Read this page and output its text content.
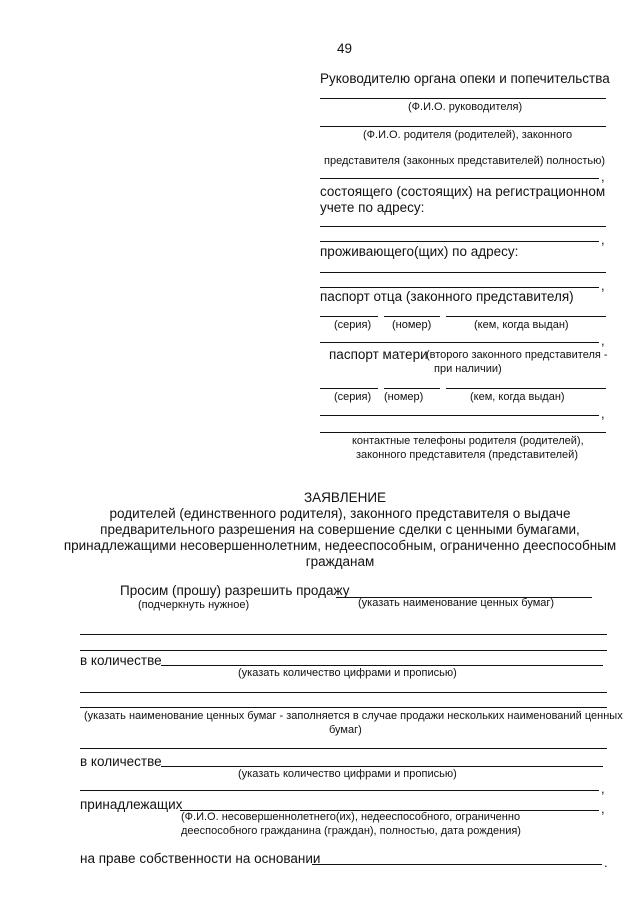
49
Руководителю органа опеки и попечительства
(Ф.И.О. руководителя)
(Ф.И.О. родителя (родителей), законного
представителя (законных представителей) полностью)
,
состоящего (состоящих) на регистрационном
учете по адресу:
,
проживающего(щих) по адресу:
,
паспорт отца (законного представителя)
(серия) (номер)	(кем, когда выдан)
,
паспорт матери
(второго законного представителя -
при наличии)
(серия) (номер)	(кем, когда выдан)
,
контактные телефоны родителя (родителей),
законного представителя (представителей)
ЗАЯВЛЕНИЕ
родителей (единственного родителя), законного представителя о выдаче
предварительного разрешения на совершение сделки с ценными бумагами,
принадлежащими несовершеннолетним, недееспособным, ограниченно дееспособным
гражданам
Просим (прошу) разрешить продажу
(подчеркнуть нужное)	(указать наименование ценных бумаг)
в количестве
(указать количество цифрами и прописью)
(указать наименование ценных бумаг - заполняется в случае продажи нескольких наименований ценных
бумаг)
в количестве
(указать количество цифрами и прописью)
,
принадлежащих	,
(Ф.И.О. несовершеннолетнего(их), недееспособного, ограниченно
дееспособного гражданина (граждан), полностью, дата рождения)
на праве собственности на основании	.
